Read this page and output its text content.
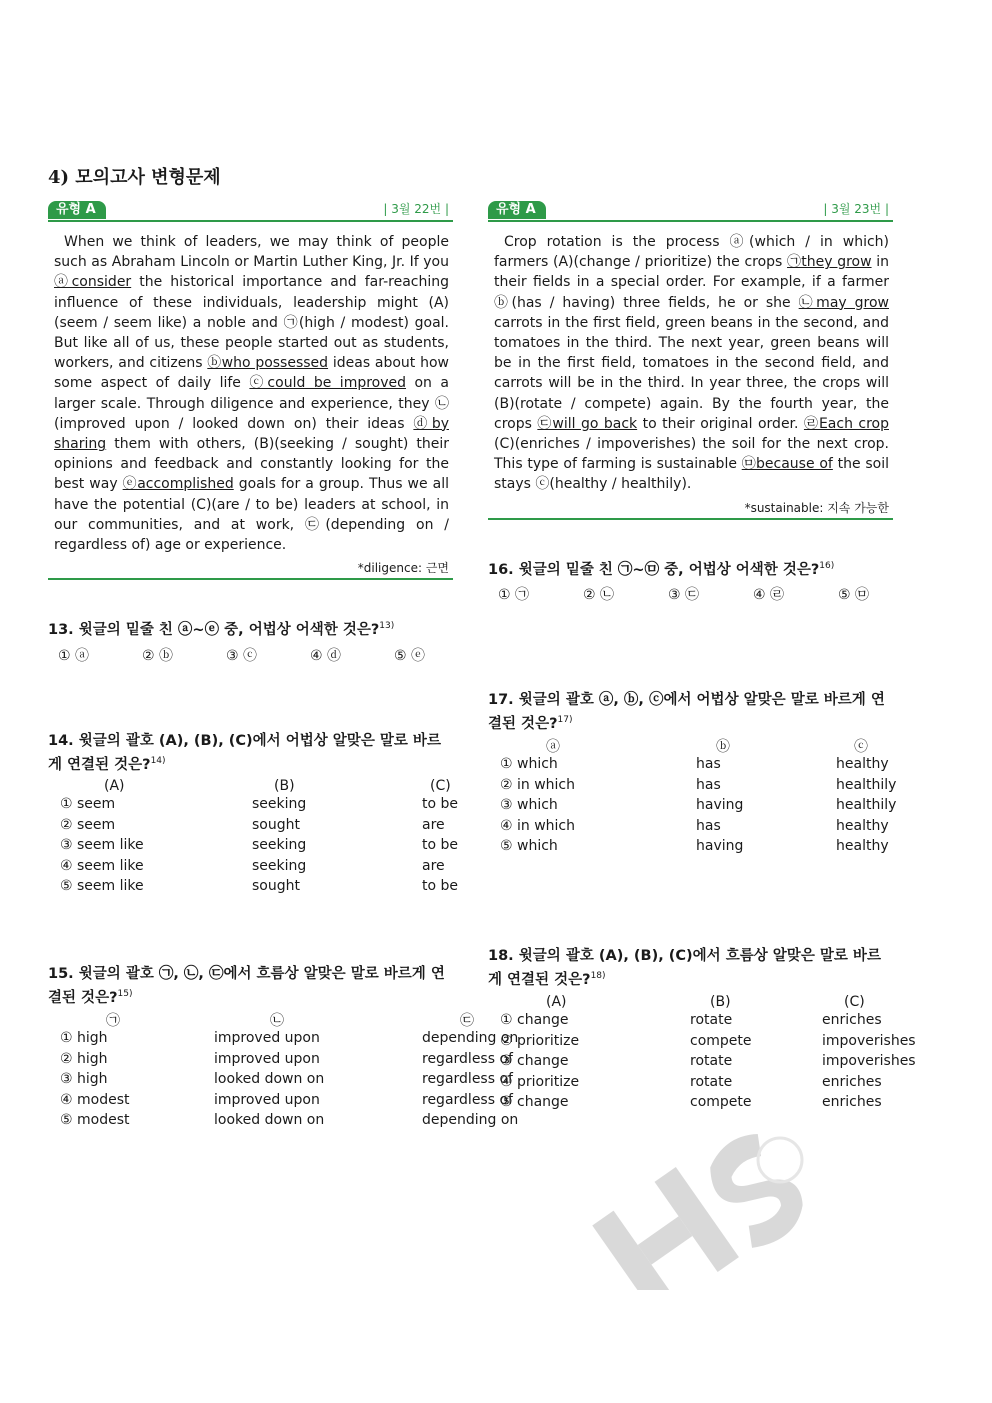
4) 모의고사 변형문제
유형 A	| 3월 22번 |

When we think of leaders, we may think of people such as Abraham Lincoln or Martin Luther King, Jr. If you ⓐconsider the historical importance and far-reaching influence of these individuals, leadership might (A)(seem / seem like) a noble and ㉠(high / modest) goal. But like all of us, these people started out as students, workers, and citizens ⓑwho possessed ideas about how some aspect of daily life ⓒcould be improved on a larger scale. Through diligence and experience, they ㉡(improved upon / looked down on) their ideas ⓓby sharing them with others, (B)(seeking / sought) their opinions and feedback and constantly looking for the best way ⓔaccomplished goals for a group. Thus we all have the potential (C)(are / to be) leaders at school, in our communities, and at work, ㉢(depending on / regardless of) age or experience.

*diligence: 근면
유형 A	| 3월 23번 |

Crop rotation is the process ⓐ(which / in which) farmers (A)(change / prioritize) the crops ㉠they grow in their fields in a special order. For example, if a farmer ⓑ(has / having) three fields, he or she ㉡may grow carrots in the first field, green beans in the second, and tomatoes in the third. The next year, green beans will be in the first field, tomatoes in the second field, and carrots will be in the third. In year three, the crops will (B)(rotate / compete) again. By the fourth year, the crops ㉢will go back to their original order. ㉣Each crop (C)(enriches / impoverishes) the soil for the next crop. This type of farming is sustainable ㉤because of the soil stays ⓒ(healthy / healthily).

*sustainable: 지속 가능한
13. 윗글의 밑줄 친 ⓐ~ⓔ 중, 어법상 어색한 것은?$^{13)}$
① ⓐ	② ⓑ	③ ⓒ	④ ⓓ	⑤ ⓔ
14. 윗글의 괄호 (A), (B), (C)에서 어법상 알맞은 말로 바르게 연결된 것은?$^{14)}$
(A)	(B)	(C)
① seem	seeking	to be
② seem	sought	are
③ seem like	seeking	to be
④ seem like	seeking	are
⑤ seem like	sought	to be
15. 윗글의 괄호 ㉠, ㉡, ㉢에서 흐름상 알맞은 말로 바르게 연결된 것은?$^{15)}$
㉠	㉡	㉢
① high	improved upon	depending on
② high	improved upon	regardless of
③ high	looked down on	regardless of
④ modest	improved upon	regardless of
⑤ modest	looked down on	depending on
16. 윗글의 밑줄 친 ㉠~㉤ 중, 어법상 어색한 것은?$^{16)}$
① ㉠	② ㉡	③ ㉢	④ ㉣	⑤ ㉤
17. 윗글의 괄호 ⓐ, ⓑ, ⓒ에서 어법상 알맞은 말로 바르게 연결된 것은?$^{17)}$
ⓐ	ⓑ	ⓒ
① which	has	healthy
② in which	has	healthily
③ which	having	healthily
④ in which	has	healthy
⑤ which	having	healthy
18. 윗글의 괄호 (A), (B), (C)에서 흐름상 알맞은 말로 바르게 연결된 것은?$^{18)}$
(A)	(B)	(C)
① change	rotate	enriches
② prioritize	compete	impoverishes
③ change	rotate	impoverishes
④ prioritize	rotate	enriches
⑤ change	compete	enriches
